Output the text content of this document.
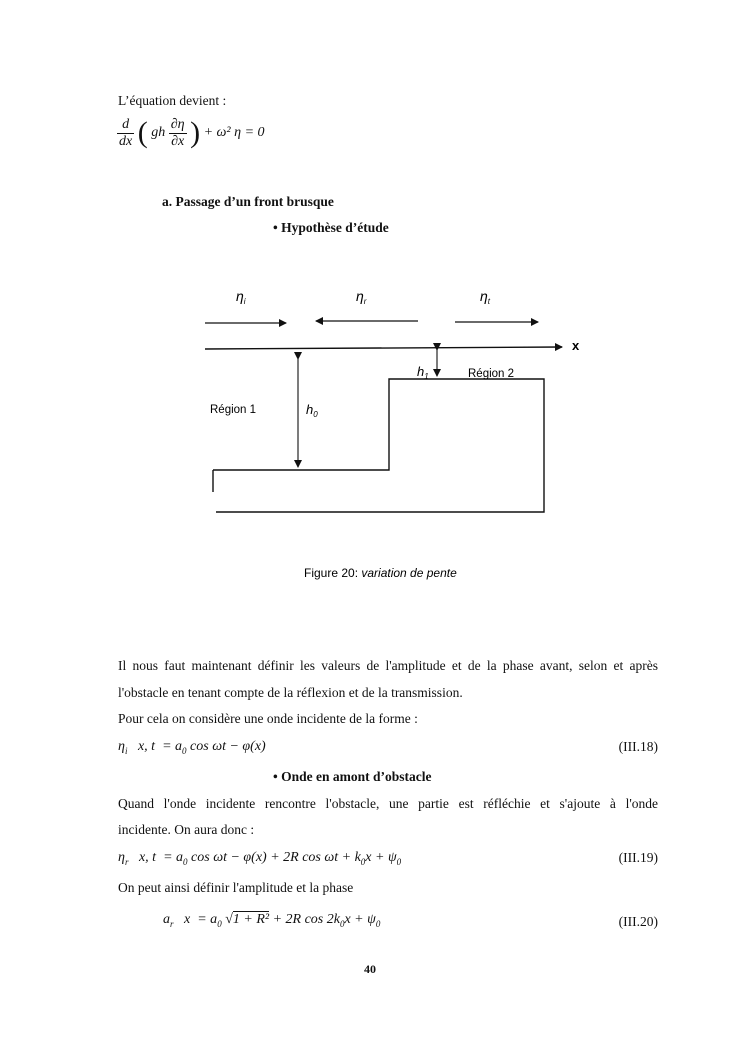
L’équation devient :
$\frac{d}{dx}$ ( gh $\frac{\partial\eta}{\partial x}$ ) + ω² η = 0
a. Passage d’un front brusque
• Hypothèse d’étude
$\eta_i$	$\eta_r$	$\eta_t$
x
$h_0$
$h_1$
Région 1
Région 2
Figure 20: variation de pente
Il nous faut maintenant définir les valeurs de l'amplitude et de la phase avant, selon et après
l'obstacle en tenant compte de la réflexion et de la transmission.
Pour cela on considère une onde incidente de la forme :
$\eta_i$ x, $t = a_0$ cos ωt − φ(x)	(III.18)
• Onde en amont d’obstacle
Quand l'onde incidente rencontre l'obstacle, une partie est réfléchie et s'ajoute à l'onde
incidente. On aura donc :
$\eta_r$ x, $t = a_0$ cos ωt − φ(x) + 2R $\cos \omega t + k_0x + \psi_0$	(III.19)
On peut ainsi définir l'amplitude et la phase
$a_r$ $x = a_0$ √1 + R² + 2R $\cos 2k_0x + \psi_0$	(III.20)
40
